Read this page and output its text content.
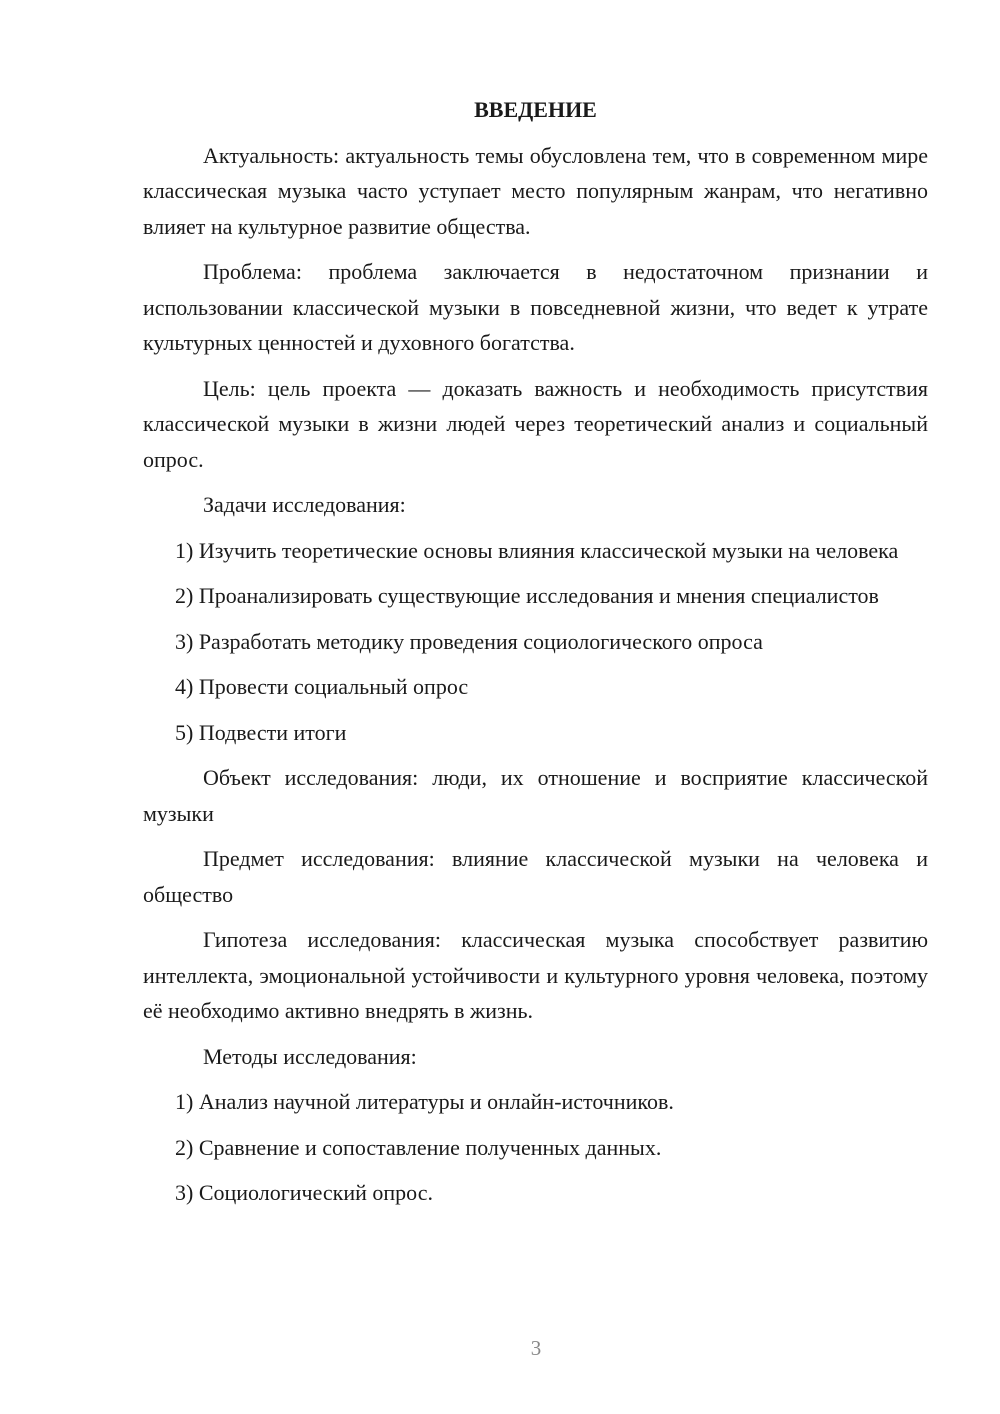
ВВЕДЕНИЕ

Актуальность: актуальность темы обусловлена тем, что в современном мире классическая музыка часто уступает место популярным жанрам, что негативно влияет на культурное развитие общества.

Проблема: проблема заключается в недостаточном признании и использовании классической музыки в повседневной жизни, что ведет к утрате культурных ценностей и духовного богатства.

Цель: цель проекта — доказать важность и необходимость присутствия классической музыки в жизни людей через теоретический анализ и социальный опрос.

Задачи исследования:

1) Изучить теоретические основы влияния классической музыки на человека

2) Проанализировать существующие исследования и мнения специалистов

3) Разработать методику проведения социологического опроса

4) Провести социальный опрос

5) Подвести итоги

Объект исследования: люди, их отношение и восприятие классической музыки

Предмет исследования: влияние классической музыки на человека и общество

Гипотеза исследования: классическая музыка способствует развитию интеллекта, эмоциональной устойчивости и культурного уровня человека, поэтому её необходимо активно внедрять в жизнь.

Методы исследования:

1) Анализ научной литературы и онлайн-источников.

2) Сравнение и сопоставление полученных данных.

3) Социологический опрос.

3
